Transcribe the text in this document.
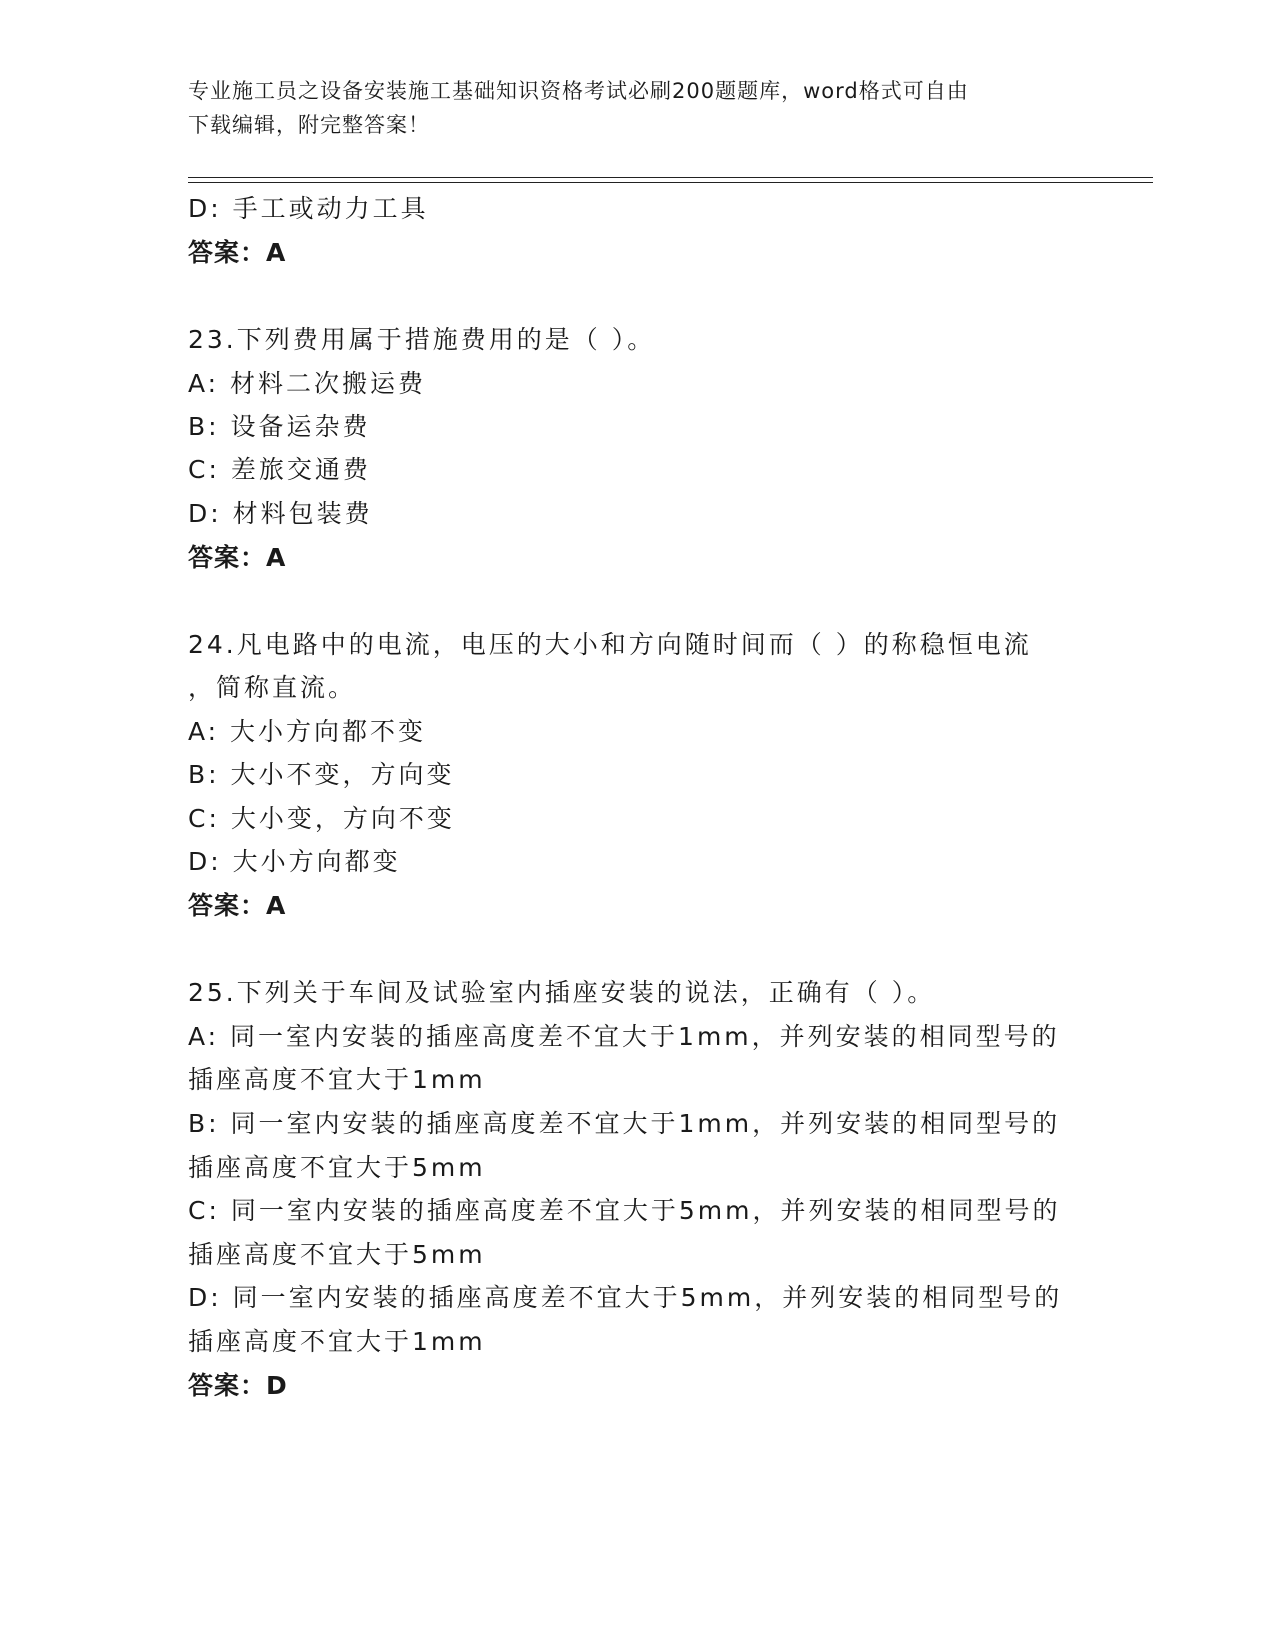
专业施工员之设备安装施工基础知识资格考试必刷200题题库，word格式可自由
下载编辑，附完整答案！
D: 手工或动力工具
答案：A
23.下列费用属于措施费用的是（ ）。
A: 材料二次搬运费
B: 设备运杂费
C: 差旅交通费
D: 材料包装费
答案：A
24.凡电路中的电流，电压的大小和方向随时间而（ ）的称稳恒电流
，简称直流。
A: 大小方向都不变
B: 大小不变，方向变
C: 大小变，方向不变
D: 大小方向都变
答案：A
25.下列关于车间及试验室内插座安装的说法，正确有（ ）。
A: 同一室内安装的插座高度差不宜大于1mm，并列安装的相同型号的
插座高度不宜大于1mm
B: 同一室内安装的插座高度差不宜大于1mm，并列安装的相同型号的
插座高度不宜大于5mm
C: 同一室内安装的插座高度差不宜大于5mm，并列安装的相同型号的
插座高度不宜大于5mm
D: 同一室内安装的插座高度差不宜大于5mm，并列安装的相同型号的
插座高度不宜大于1mm
答案：D
